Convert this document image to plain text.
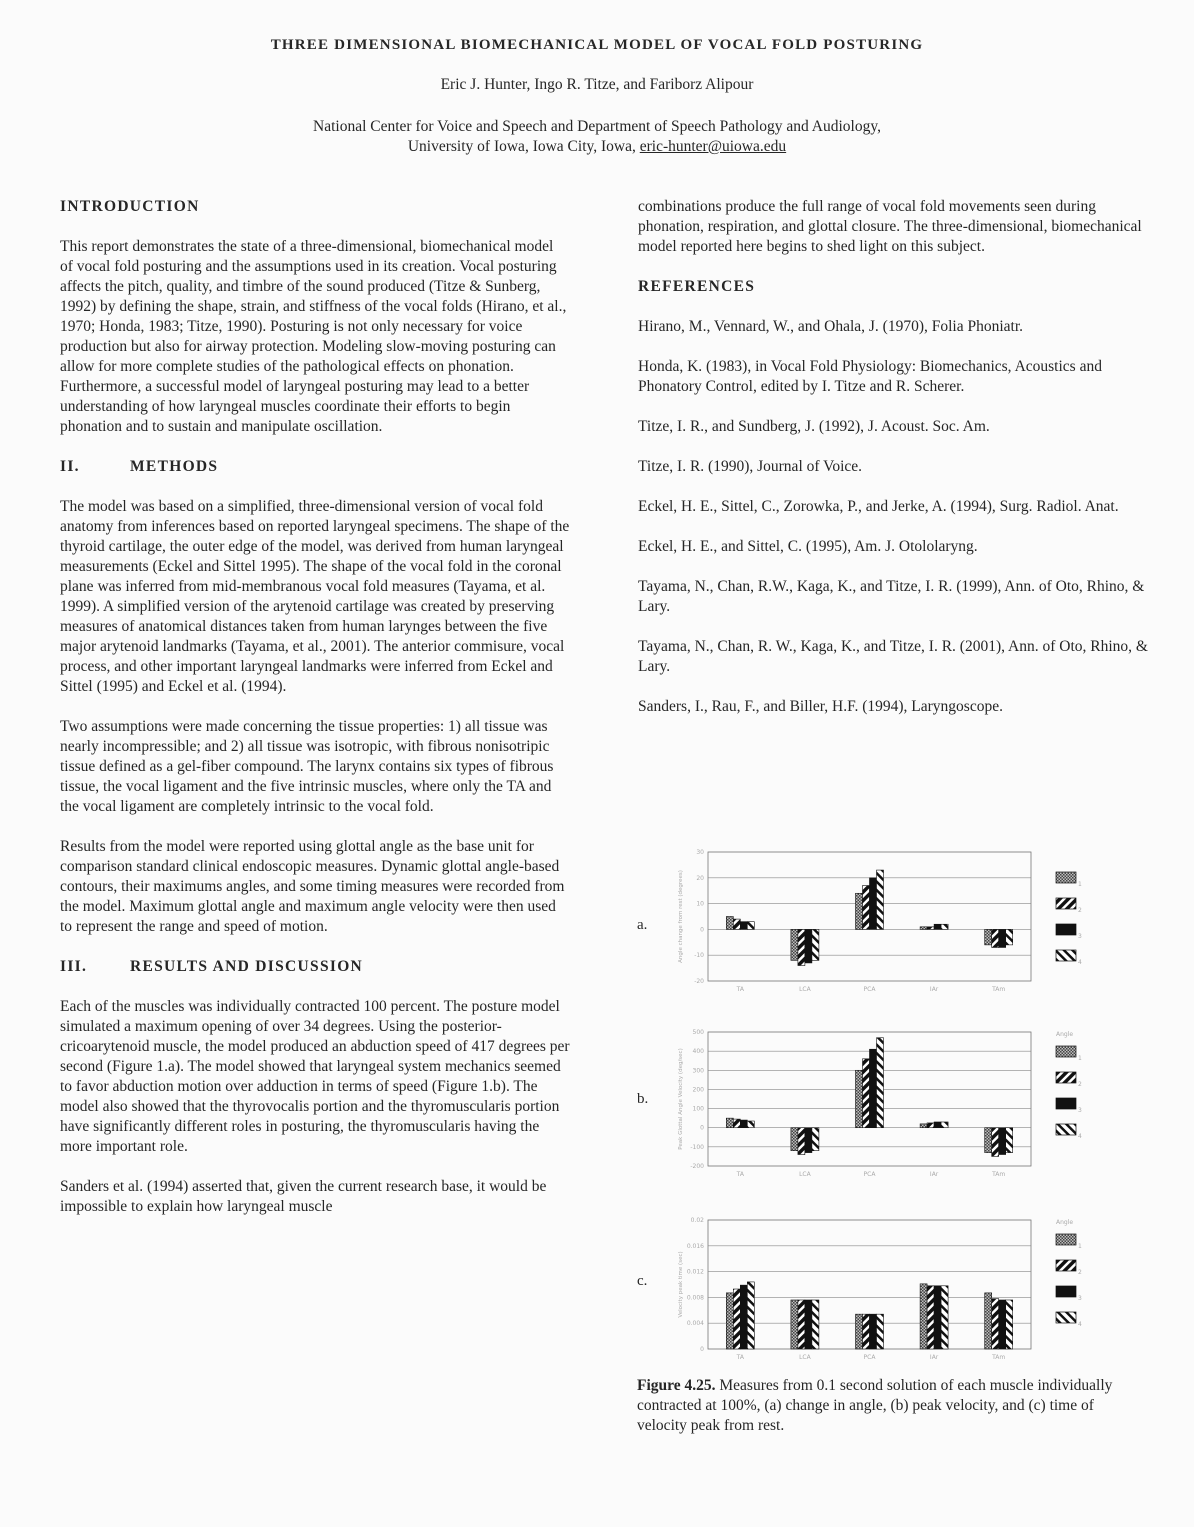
THREE DIMENSIONAL BIOMECHANICAL MODEL OF VOCAL FOLD POSTURING
Eric J. Hunter, Ingo R. Titze, and Fariborz Alipour
National Center for Voice and Speech and Department of Speech Pathology and Audiology,
University of Iowa, Iowa City, Iowa, eric-hunter@uiowa.edu

INTRODUCTION

This report demonstrates the state of a three-dimensional, biomechanical model of vocal fold posturing and the assumptions used in its creation. Vocal posturing affects the pitch, quality, and timbre of the sound produced (Titze & Sunberg, 1992) by defining the shape, strain, and stiffness of the vocal folds (Hirano, et al., 1970; Honda, 1983; Titze, 1990). Posturing is not only necessary for voice production but also for airway protection. Modeling slow-moving posturing can allow for more complete studies of the pathological effects on phonation. Furthermore, a successful model of laryngeal posturing may lead to a better understanding of how laryngeal muscles coordinate their efforts to begin phonation and to sustain and manipulate oscillation.

II.	METHODS

The model was based on a simplified, three-dimensional version of vocal fold anatomy from inferences based on reported laryngeal specimens. The shape of the thyroid cartilage, the outer edge of the model, was derived from human laryngeal measurements (Eckel and Sittel 1995). The shape of the vocal fold in the coronal plane was inferred from mid-membranous vocal fold measures (Tayama, et al. 1999). A simplified version of the arytenoid cartilage was created by preserving measures of anatomical distances taken from human larynges between the five major arytenoid landmarks (Tayama, et al., 2001). The anterior commisure, vocal process, and other important laryngeal landmarks were inferred from Eckel and Sittel (1995) and Eckel et al. (1994).

Two assumptions were made concerning the tissue properties: 1) all tissue was nearly incompressible; and 2) all tissue was isotropic, with fibrous nonisotripic tissue defined as a gel-fiber compound. The larynx contains six types of fibrous tissue, the vocal ligament and the five intrinsic muscles, where only the TA and the vocal ligament are completely intrinsic to the vocal fold.

Results from the model were reported using glottal angle as the base unit for comparison standard clinical endoscopic measures. Dynamic glottal angle-based contours, their maximums angles, and some timing measures were recorded from the model. Maximum glottal angle and maximum angle velocity were then used to represent the range and speed of motion.

III.	RESULTS AND DISCUSSION

Each of the muscles was individually contracted 100 percent. The posture model simulated a maximum opening of over 34 degrees. Using the posterior-cricoarytenoid muscle, the model produced an abduction speed of 417 degrees per second (Figure 1.a). The model showed that laryngeal system mechanics seemed to favor abduction motion over adduction in terms of speed (Figure 1.b). The model also showed that the thyrovocalis portion and the thyromuscularis portion have significantly different roles in posturing, the thyromuscularis having the more important role.

Sanders et al. (1994) asserted that, given the current research base, it would be impossible to explain how laryngeal muscle

combinations produce the full range of vocal fold movements seen during phonation, respiration, and glottal closure. The three-dimensional, biomechanical model reported here begins to shed light on this subject.

REFERENCES

Hirano, M., Vennard, W., and Ohala, J. (1970), Folia Phoniatr.

Honda, K. (1983), in Vocal Fold Physiology: Biomechanics, Acoustics and Phonatory Control, edited by I. Titze and R. Scherer.

Titze, I. R., and Sundberg, J. (1992), J. Acoust. Soc. Am.

Titze, I. R. (1990), Journal of Voice.

Eckel, H. E., Sittel, C., Zorowka, P., and Jerke, A. (1994), Surg. Radiol. Anat.

Eckel, H. E., and Sittel, C. (1995), Am. J. Otololaryng.

Tayama, N., Chan, R.W., Kaga, K., and Titze, I. R. (1999), Ann. of Oto, Rhino, & Lary.

Tayama, N., Chan, R. W., Kaga, K., and Titze, I. R. (2001), Ann. of Oto, Rhino, & Lary.

Sanders, I., Rau, F., and Biller, H.F. (1994), Laryngoscope.

a.
b.
c.
Angle change from rest (degrees)
30
20
10
0
-10
-20
TA	LCA	PCA	IAr	TAm
1
2
3
4
Peak Glottal Angle Velocity (deg/sec)
500
400
300
200
100
0
-100
-200
TA	LCA	PCA	IAr	TAm
Angle
1
2
3
4
Velocity peak time (sec)
0.02
0.016
0.012
0.008
0.004
0
TA	LCA	PCA	IAr	TAm
Angle
1
2
3
4
Figure 4.25. Measures from 0.1 second solution of each muscle individually contracted at 100%, (a) change in angle, (b) peak velocity, and (c) time of velocity peak from rest.
